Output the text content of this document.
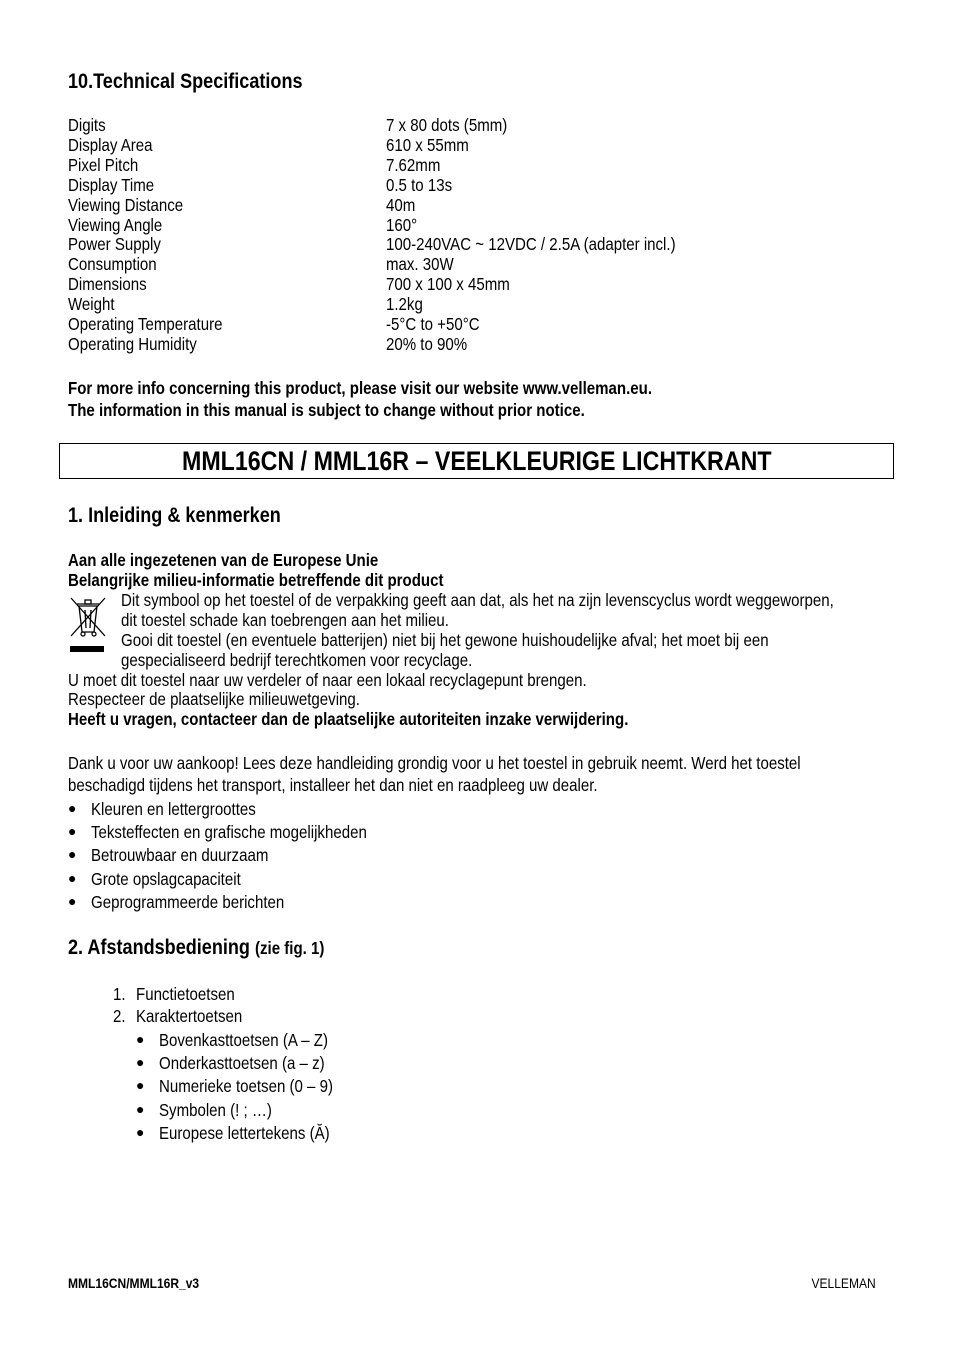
10.Technical Specifications
Digits	7 x 80 dots (5mm)
Display Area	610 x 55mm
Pixel Pitch	7.62mm
Display Time	0.5 to 13s
Viewing Distance	40m
Viewing Angle	160°
Power Supply	100-240VAC ~ 12VDC / 2.5A (adapter incl.)
Consumption	max. 30W
Dimensions	700 x 100 x 45mm
Weight	1.2kg
Operating Temperature	-5°C to +50°C
Operating Humidity	20% to 90%
For more info concerning this product, please visit our website www.velleman.eu.
The information in this manual is subject to change without prior notice.
MML16CN / MML16R – VEELKLEURIGE LICHTKRANT
1. Inleiding & kenmerken
Aan alle ingezetenen van de Europese Unie
Belangrijke milieu-informatie betreffende dit product
Dit symbool op het toestel of de verpakking geeft aan dat, als het na zijn levenscyclus wordt weggeworpen,
dit toestel schade kan toebrengen aan het milieu.
Gooi dit toestel (en eventuele batterijen) niet bij het gewone huishoudelijke afval; het moet bij een
gespecialiseerd bedrijf terechtkomen voor recyclage.
U moet dit toestel naar uw verdeler of naar een lokaal recyclagepunt brengen.
Respecteer de plaatselijke milieuwetgeving.
Heeft u vragen, contacteer dan de plaatselijke autoriteiten inzake verwijdering.
Dank u voor uw aankoop! Lees deze handleiding grondig voor u het toestel in gebruik neemt. Werd het toestel
beschadigd tijdens het transport, installeer het dan niet en raadpleeg uw dealer.
● Kleuren en lettergroottes
● Teksteffecten en grafische mogelijkheden
● Betrouwbaar en duurzaam
● Grote opslagcapaciteit
● Geprogrammeerde berichten
2. Afstandsbediening (zie fig. 1)
1. Functietoetsen
2. Karaktertoetsen
● Bovenkasttoetsen (A – Z)
● Onderkasttoetsen (a – z)
● Numerieke toetsen (0 – 9)
● Symbolen (! ; …)
● Europese lettertekens (Ă)
MML16CN/MML16R_v3	VELLEMAN
